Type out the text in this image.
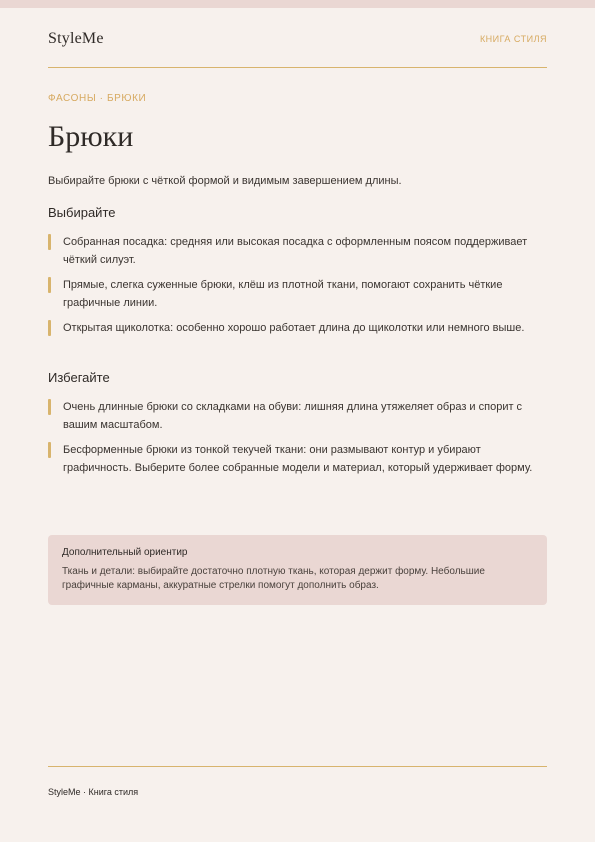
StyleMe	КНИГА СТИЛЯ
ФАСОНЫ · БРЮКИ
Брюки
Выбирайте брюки с чёткой формой и видимым завершением длины.
Выбирайте
Собранная посадка: средняя или высокая посадка с оформленным поясом поддерживает чёткий силуэт.
Прямые, слегка суженные брюки, клёш из плотной ткани, помогают сохранить чёткие графичные линии.
Открытая щиколотка: особенно хорошо работает длина до щиколотки или немного выше.
Избегайте
Очень длинные брюки со складками на обуви: лишняя длина утяжеляет образ и спорит с вашим масштабом.
Бесформенные брюки из тонкой текучей ткани: они размывают контур и убирают графичность. Выберите более собранные модели и материал, который удерживает форму.

Дополнительный ориентир

Ткань и детали: выбирайте достаточно плотную ткань, которая держит форму. Небольшие графичные карманы, аккуратные стрелки помогут дополнить образ.

StyleMe · Книга стиля
